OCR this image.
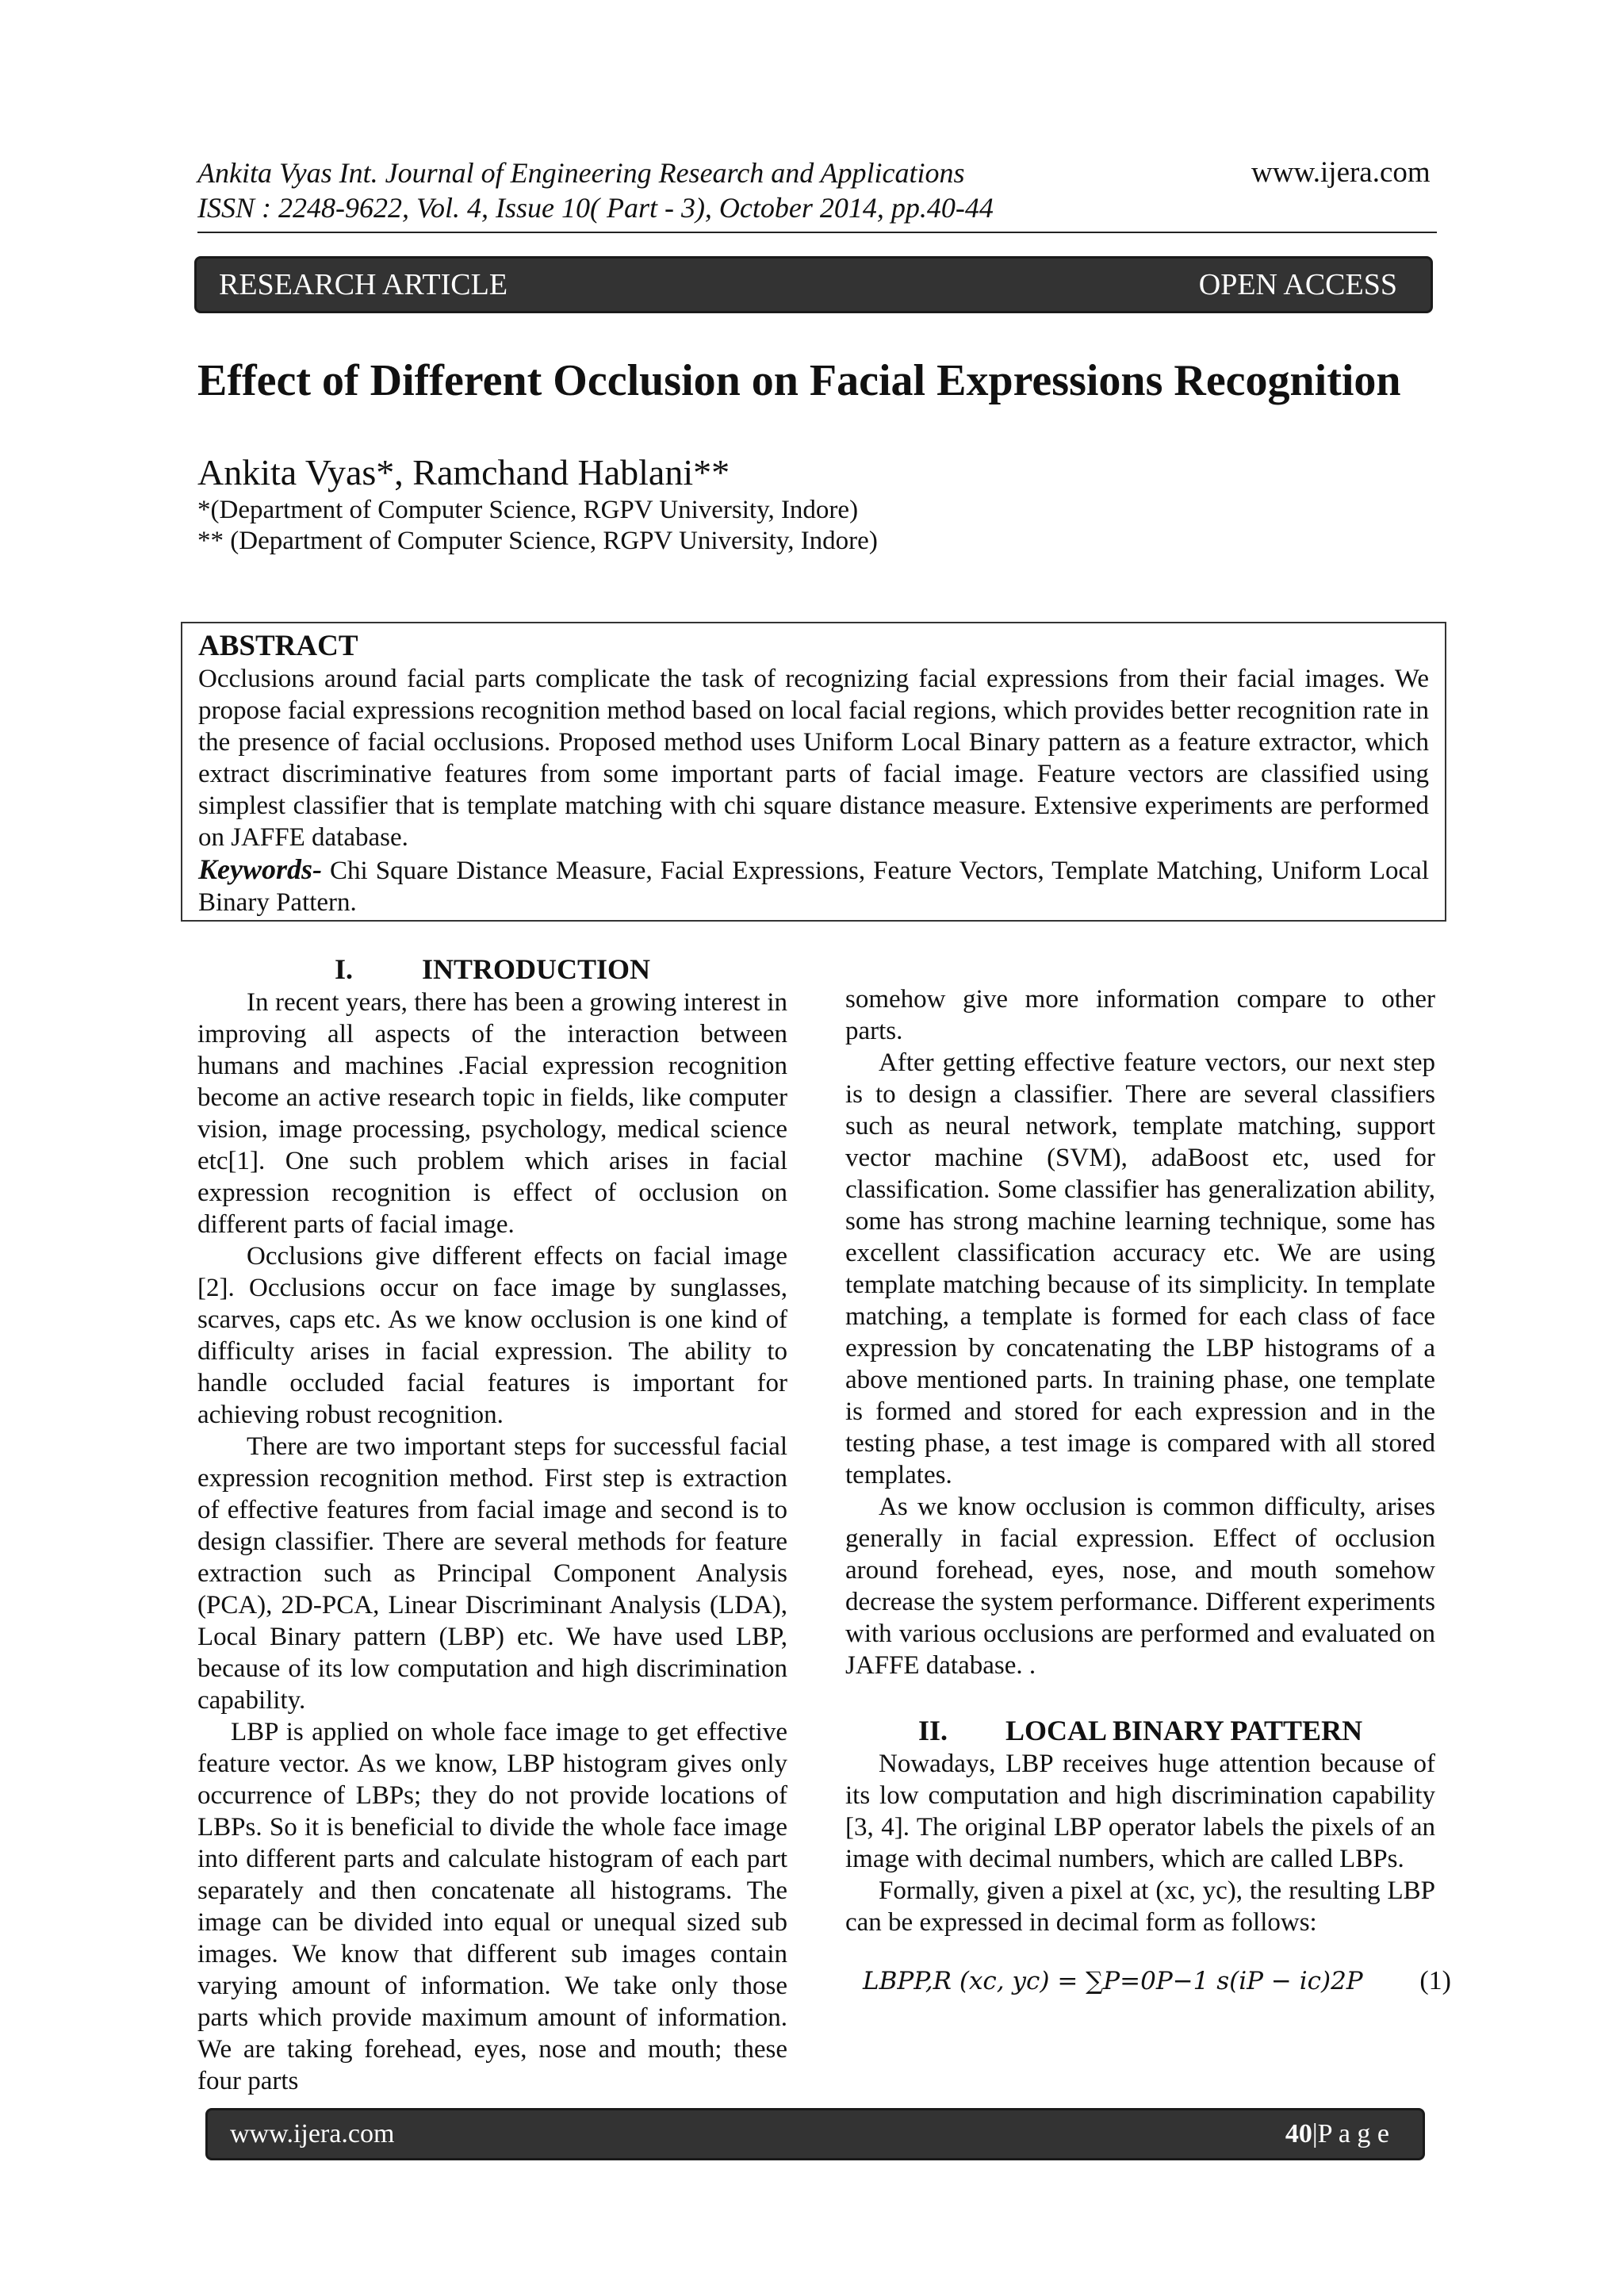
Ankita Vyas Int. Journal of Engineering Research and Applications
ISSN : 2248-9622, Vol. 4, Issue 10( Part - 3), October 2014, pp.40-44
www.ijera.com
RESEARCH ARTICLE	OPEN ACCESS
Effect of Different Occlusion on Facial Expressions Recognition
Ankita Vyas*, Ramchand Hablani**
*(Department of Computer Science, RGPV University, Indore)
** (Department of Computer Science, RGPV University, Indore)
ABSTRACT
Occlusions around facial parts complicate the task of recognizing facial expressions from their facial images. We propose facial expressions recognition method based on local facial regions, which provides better recognition rate in the presence of facial occlusions. Proposed method uses Uniform Local Binary pattern as a feature extractor, which extract discriminative features from some important parts of facial image. Feature vectors are classified using simplest classifier that is template matching with chi square distance measure. Extensive experiments are performed on JAFFE database.
Keywords- Chi Square Distance Measure, Facial Expressions, Feature Vectors, Template Matching, Uniform Local Binary Pattern.

I. INTRODUCTION

In recent years, there has been a growing interest in improving all aspects of the interaction between humans and machines .Facial expression recognition become an active research topic in fields, like computer vision, image processing, psychology, medical science etc[1]. One such problem which arises in facial expression recognition is effect of occlusion on different parts of facial image.

Occlusions give different effects on facial image [2]. Occlusions occur on face image by sunglasses, scarves, caps etc. As we know occlusion is one kind of difficulty arises in facial expression. The ability to handle occluded facial features is important for achieving robust recognition.

There are two important steps for successful facial expression recognition method. First step is extraction of effective features from facial image and second is to design classifier. There are several methods for feature extraction such as Principal Component Analysis (PCA), 2D-PCA, Linear Discriminant Analysis (LDA), Local Binary pattern (LBP) etc. We have used LBP, because of its low computation and high discrimination capability.

LBP is applied on whole face image to get effective feature vector. As we know, LBP histogram gives only occurrence of LBPs; they do not provide locations of LBPs. So it is beneficial to divide the whole face image into different parts and calculate histogram of each part separately and then concatenate all histograms. The image can be divided into equal or unequal sized sub images. We know that different sub images contain varying amount of information. We take only those parts which provide maximum amount of information. We are taking forehead, eyes, nose and mouth; these four parts

somehow give more information compare to other parts.

After getting effective feature vectors, our next step is to design a classifier. There are several classifiers such as neural network, template matching, support vector machine (SVM), adaBoost etc, used for classification. Some classifier has generalization ability, some has strong machine learning technique, some has excellent classification accuracy etc. We are using template matching because of its simplicity. In template matching, a template is formed for each class of face expression by concatenating the LBP histograms of a above mentioned parts. In training phase, one template is formed and stored for each expression and in the testing phase, a test image is compared with all stored templates.

As we know occlusion is common difficulty, arises generally in facial expression. Effect of occlusion around forehead, eyes, nose, and mouth somehow decrease the system performance. Different experiments with various occlusions are performed and evaluated on JAFFE database. .

II. LOCAL BINARY PATTERN

Nowadays, LBP receives huge attention because of its low computation and high discrimination capability [3, 4]. The original LBP operator labels the pixels of an image with decimal numbers, which are called LBPs.

Formally, given a pixel at (xc, yc), the resulting LBP can be expressed in decimal form as follows:

LBPP,R (xc, yc) = ∑P=0P−1 s(iP − ic)2P (1)
www.ijera.com	40|P a g e
